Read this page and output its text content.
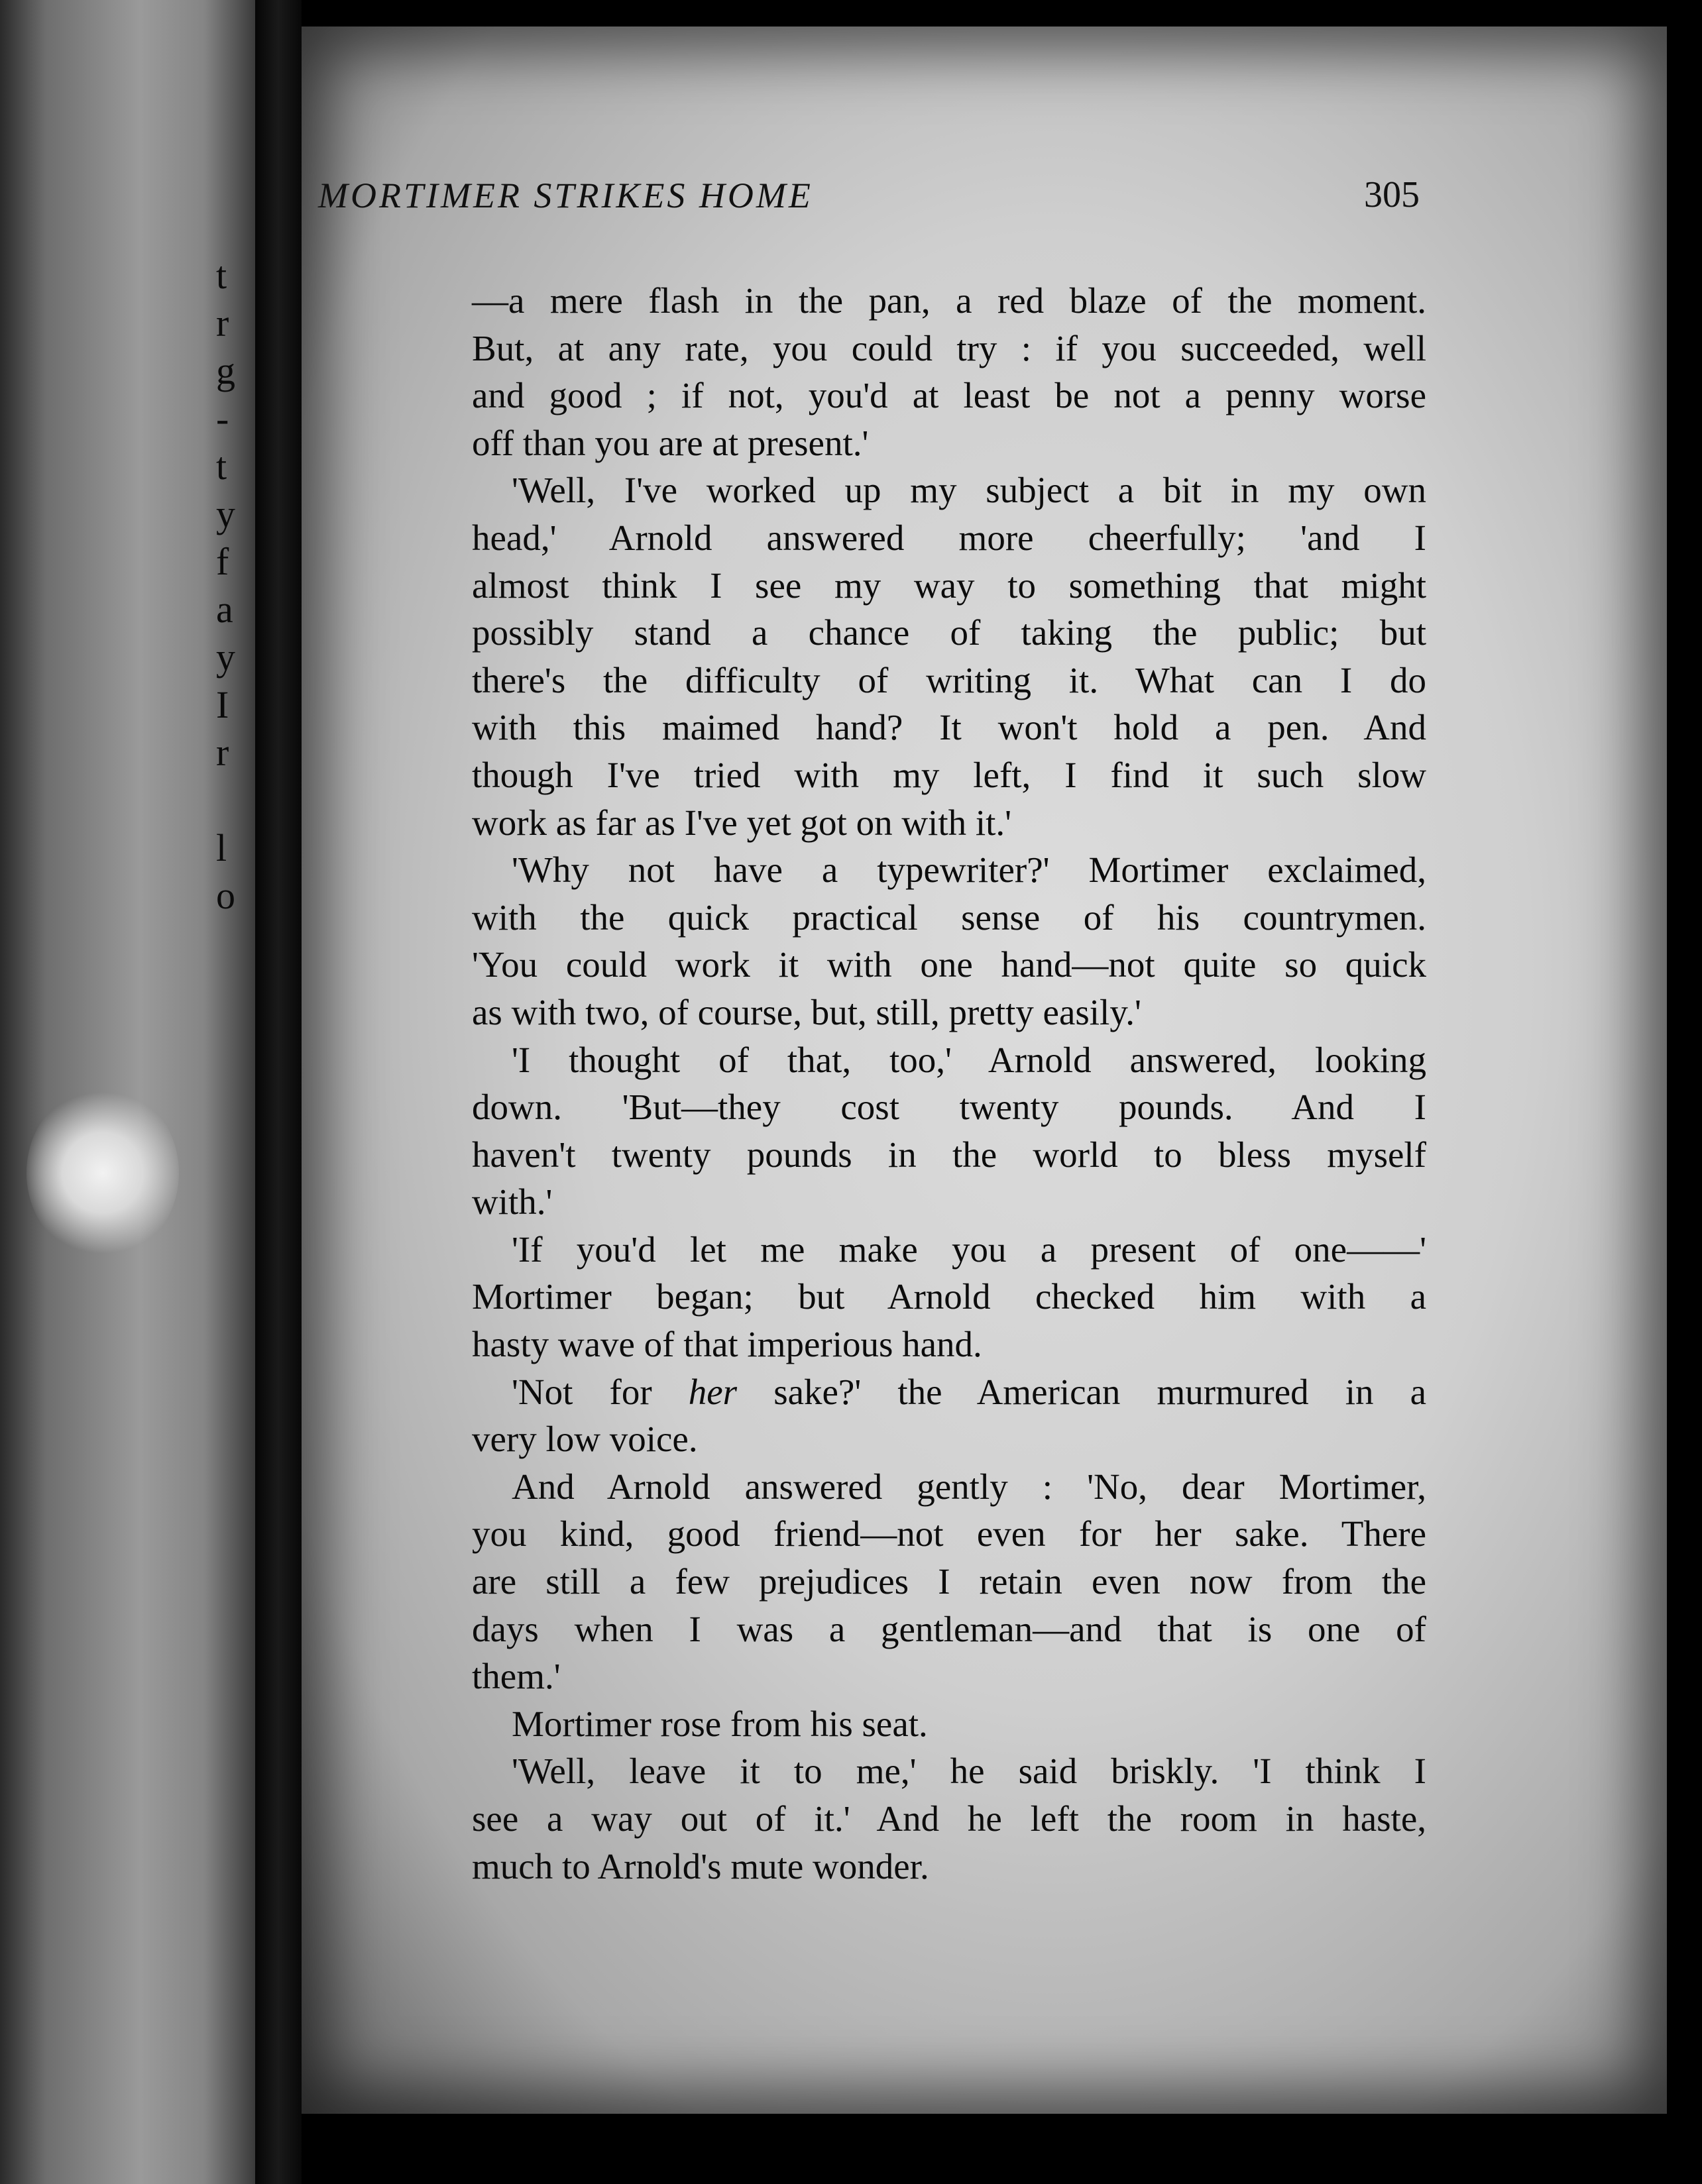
t
r
g
-
t
y
f
a
y
I
r
l
o
MORTIMER STRIKES HOME	305
—a mere flash in the pan, a red blaze of the moment.
But, at any rate, you could try : if you succeeded, well
and good ; if not, you'd at least be not a penny worse
off than you are at present.'
'Well, I've worked up my subject a bit in my own
head,' Arnold answered more cheerfully; 'and I
almost think I see my way to something that might
possibly stand a chance of taking the public; but
there's the difficulty of writing it. What can I do
with this maimed hand? It won't hold a pen. And
though I've tried with my left, I find it such slow
work as far as I've yet got on with it.'
'Why not have a typewriter?' Mortimer exclaimed,
with the quick practical sense of his countrymen.
'You could work it with one hand—not quite so quick
as with two, of course, but, still, pretty easily.'
'I thought of that, too,' Arnold answered, looking
down. 'But—they cost twenty pounds. And I
haven't twenty pounds in the world to bless myself
with.'
'If you'd let me make you a present of one——'
Mortimer began; but Arnold checked him with a
hasty wave of that imperious hand.
'Not for her sake?' the American murmured in a
very low voice.
And Arnold answered gently : 'No, dear Mortimer,
you kind, good friend—not even for her sake. There
are still a few prejudices I retain even now from the
days when I was a gentleman—and that is one of
them.'
Mortimer rose from his seat.
'Well, leave it to me,' he said briskly. 'I think I
see a way out of it.' And he left the room in haste,
much to Arnold's mute wonder.
